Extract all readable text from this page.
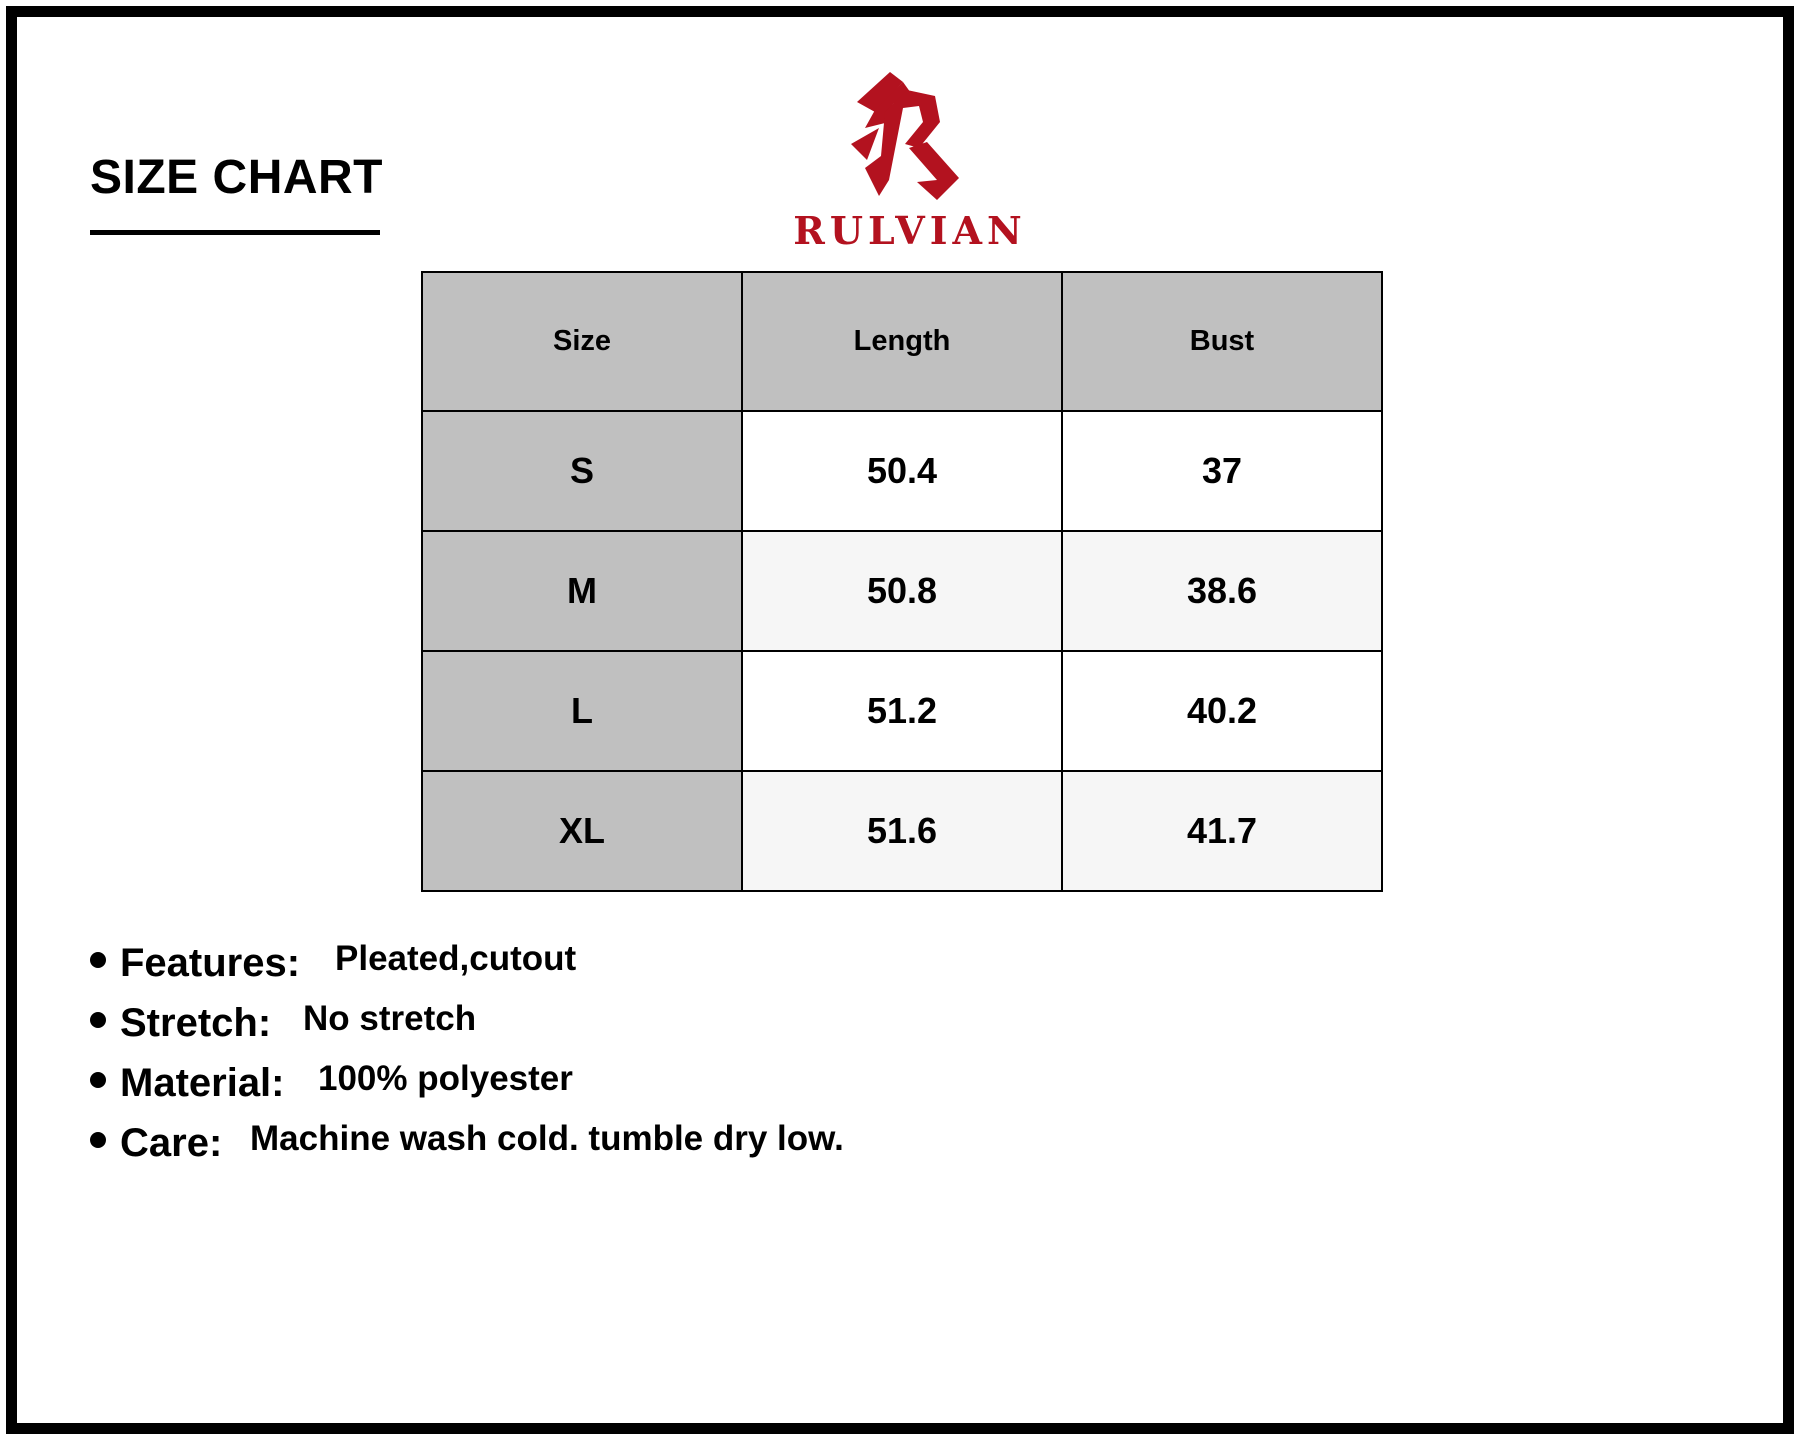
SIZE CHART
RULVIAN
Size	Length	Bust
S	50.4	37
M	50.8	38.6
L	51.2	40.2
XL	51.6	41.7
Features: Pleated,cutout
Stretch: No stretch
Material: 100% polyester
Care: Machine wash cold. tumble dry low.
